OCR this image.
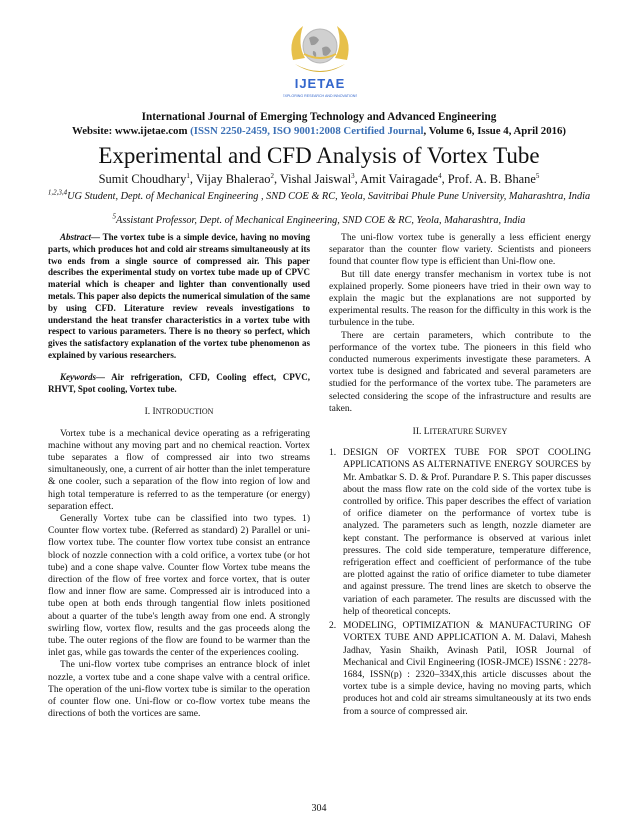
IJETAE
EXPLORING RESEARCH AND INNOVATIONS
International Journal of Emerging Technology and Advanced Engineering
Website: www.ijetae.com (ISSN 2250-2459, ISO 9001:2008 Certified Journal, Volume 6, Issue 4, April 2016)
Experimental and CFD Analysis of Vortex Tube
Sumit Choudhary$^1$, Vijay Bhalerao$^2$, Vishal Jaiswal$^3$, Amit Vairagade$^4$, Prof. A. B. Bhane$^5$
$^{1,2,3,4}$UG Student, Dept. of Mechanical Engineering , SND COE & RC, Yeola, Savitribai Phule Pune University, Maharashtra, India
$^5$Assistant Professor, Dept. of Mechanical Engineering, SND COE & RC, Yeola, Maharashtra, India

Abstract— The vortex tube is a simple device, having no moving parts, which produces hot and cold air streams simultaneously at its two ends from a single source of compressed air. This paper describes the experimental study on vortex tube made up of CPVC material which is cheaper and lighter than conventionally used metals. This paper also depicts the numerical simulation of the same by using CFD. Literature review reveals investigations to understand the heat transfer characteristics in a vortex tube with respect to various parameters. There is no theory so perfect, which gives the satisfactory explanation of the vortex tube phenomenon as explained by various researchers.

Keywords— Air refrigeration, CFD, Cooling effect, CPVC, RHVT, Spot cooling, Vortex tube.

I. INTRODUCTION

Vortex tube is a mechanical device operating as a refrigerating machine without any moving part and no chemical reaction. Vortex tube separates a flow of compressed air into two streams simultaneously, one, a current of air hotter than the inlet temperature & one cooler, such a separation of the flow into region of low and high total temperature is referred to as the temperature (or energy) separation effect.

Generally Vortex tube can be classified into two types. 1) Counter flow vortex tube. (Referred as standard) 2) Parallel or uni- flow vortex tube. The counter flow vortex tube consist an entrance block of nozzle connection with a cold orifice, a vortex tube (or hot tube) and a cone shape valve. Counter flow Vortex tube means the direction of the flow of free vortex and force vortex, that is outer flow and inner flow are same. Compressed air is introduced into a tube open at both ends through tangential flow inlets positioned about a quarter of the tube's length away from one end. A strongly swirling flow, vortex flow, results and the gas proceeds along the tube. The outer regions of the flow are found to be warmer than the inlet gas, while gas towards the center of the experiences cooling.

The uni-flow vortex tube comprises an entrance block of inlet nozzle, a vortex tube and a cone shape valve with a central orifice. The operation of the uni-flow vortex tube is similar to the operation of counter flow one. Uni-flow or co-flow vortex tube means the directions of both the vortices are same.

The uni-flow vortex tube is generally a less efficient energy separator than the counter flow variety. Scientists and pioneers found that counter flow type is efficient than Uni-flow one.

But till date energy transfer mechanism in vortex tube is not explained properly. Some pioneers have tried in their own way to explain the magic but the explanations are not supported by experimental results. The reason for the difficulty in this work is the turbulence in the tube.

There are certain parameters, which contribute to the performance of the vortex tube. The pioneers in this field who conducted numerous experiments investigate these parameters. A vortex tube is designed and fabricated and several parameters are studied for the performance of the vortex tube. The parameters are selected considering the scope of the infrastructure and results are taken.

II. LITERATURE SURVEY

1. DESIGN OF VORTEX TUBE FOR SPOT COOLING APPLICATIONS AS ALTERNATIVE ENERGY SOURCES by Mr. Ambatkar S. D. & Prof. Purandare P. S. This paper discusses about the mass flow rate on the cold side of the vortex tube is controlled by orifice. This paper describes the effect of variation of orifice diameter on the performance of vortex tube is analyzed. The parameters such as length, nozzle diameter are kept constant. The performance is observed at various inlet pressures. The cold side temperature, temperature difference, refrigeration effect and coefficient of performance of the tube are plotted against the ratio of orifice diameter to tube diameter and against pressure. The trend lines are sketch to observe the variation of each parameter. The results are discussed with the help of theoretical concepts.
2. MODELING, OPTIMIZATION & MANUFACTURING OF VORTEX TUBE AND APPLICATION A. M. Dalavi, Mahesh Jadhav, Yasin Shaikh, Avinash Patil, IOSR Journal of Mechanical and Civil Engineering (IOSR-JMCE) ISSN€ : 2278-1684, ISSN(p) : 2320–334X,this article discusses about the vortex tube is a simple device, having no moving parts, which produces hot and cold air streams simultaneously at its two ends from a source of compressed air.
304
